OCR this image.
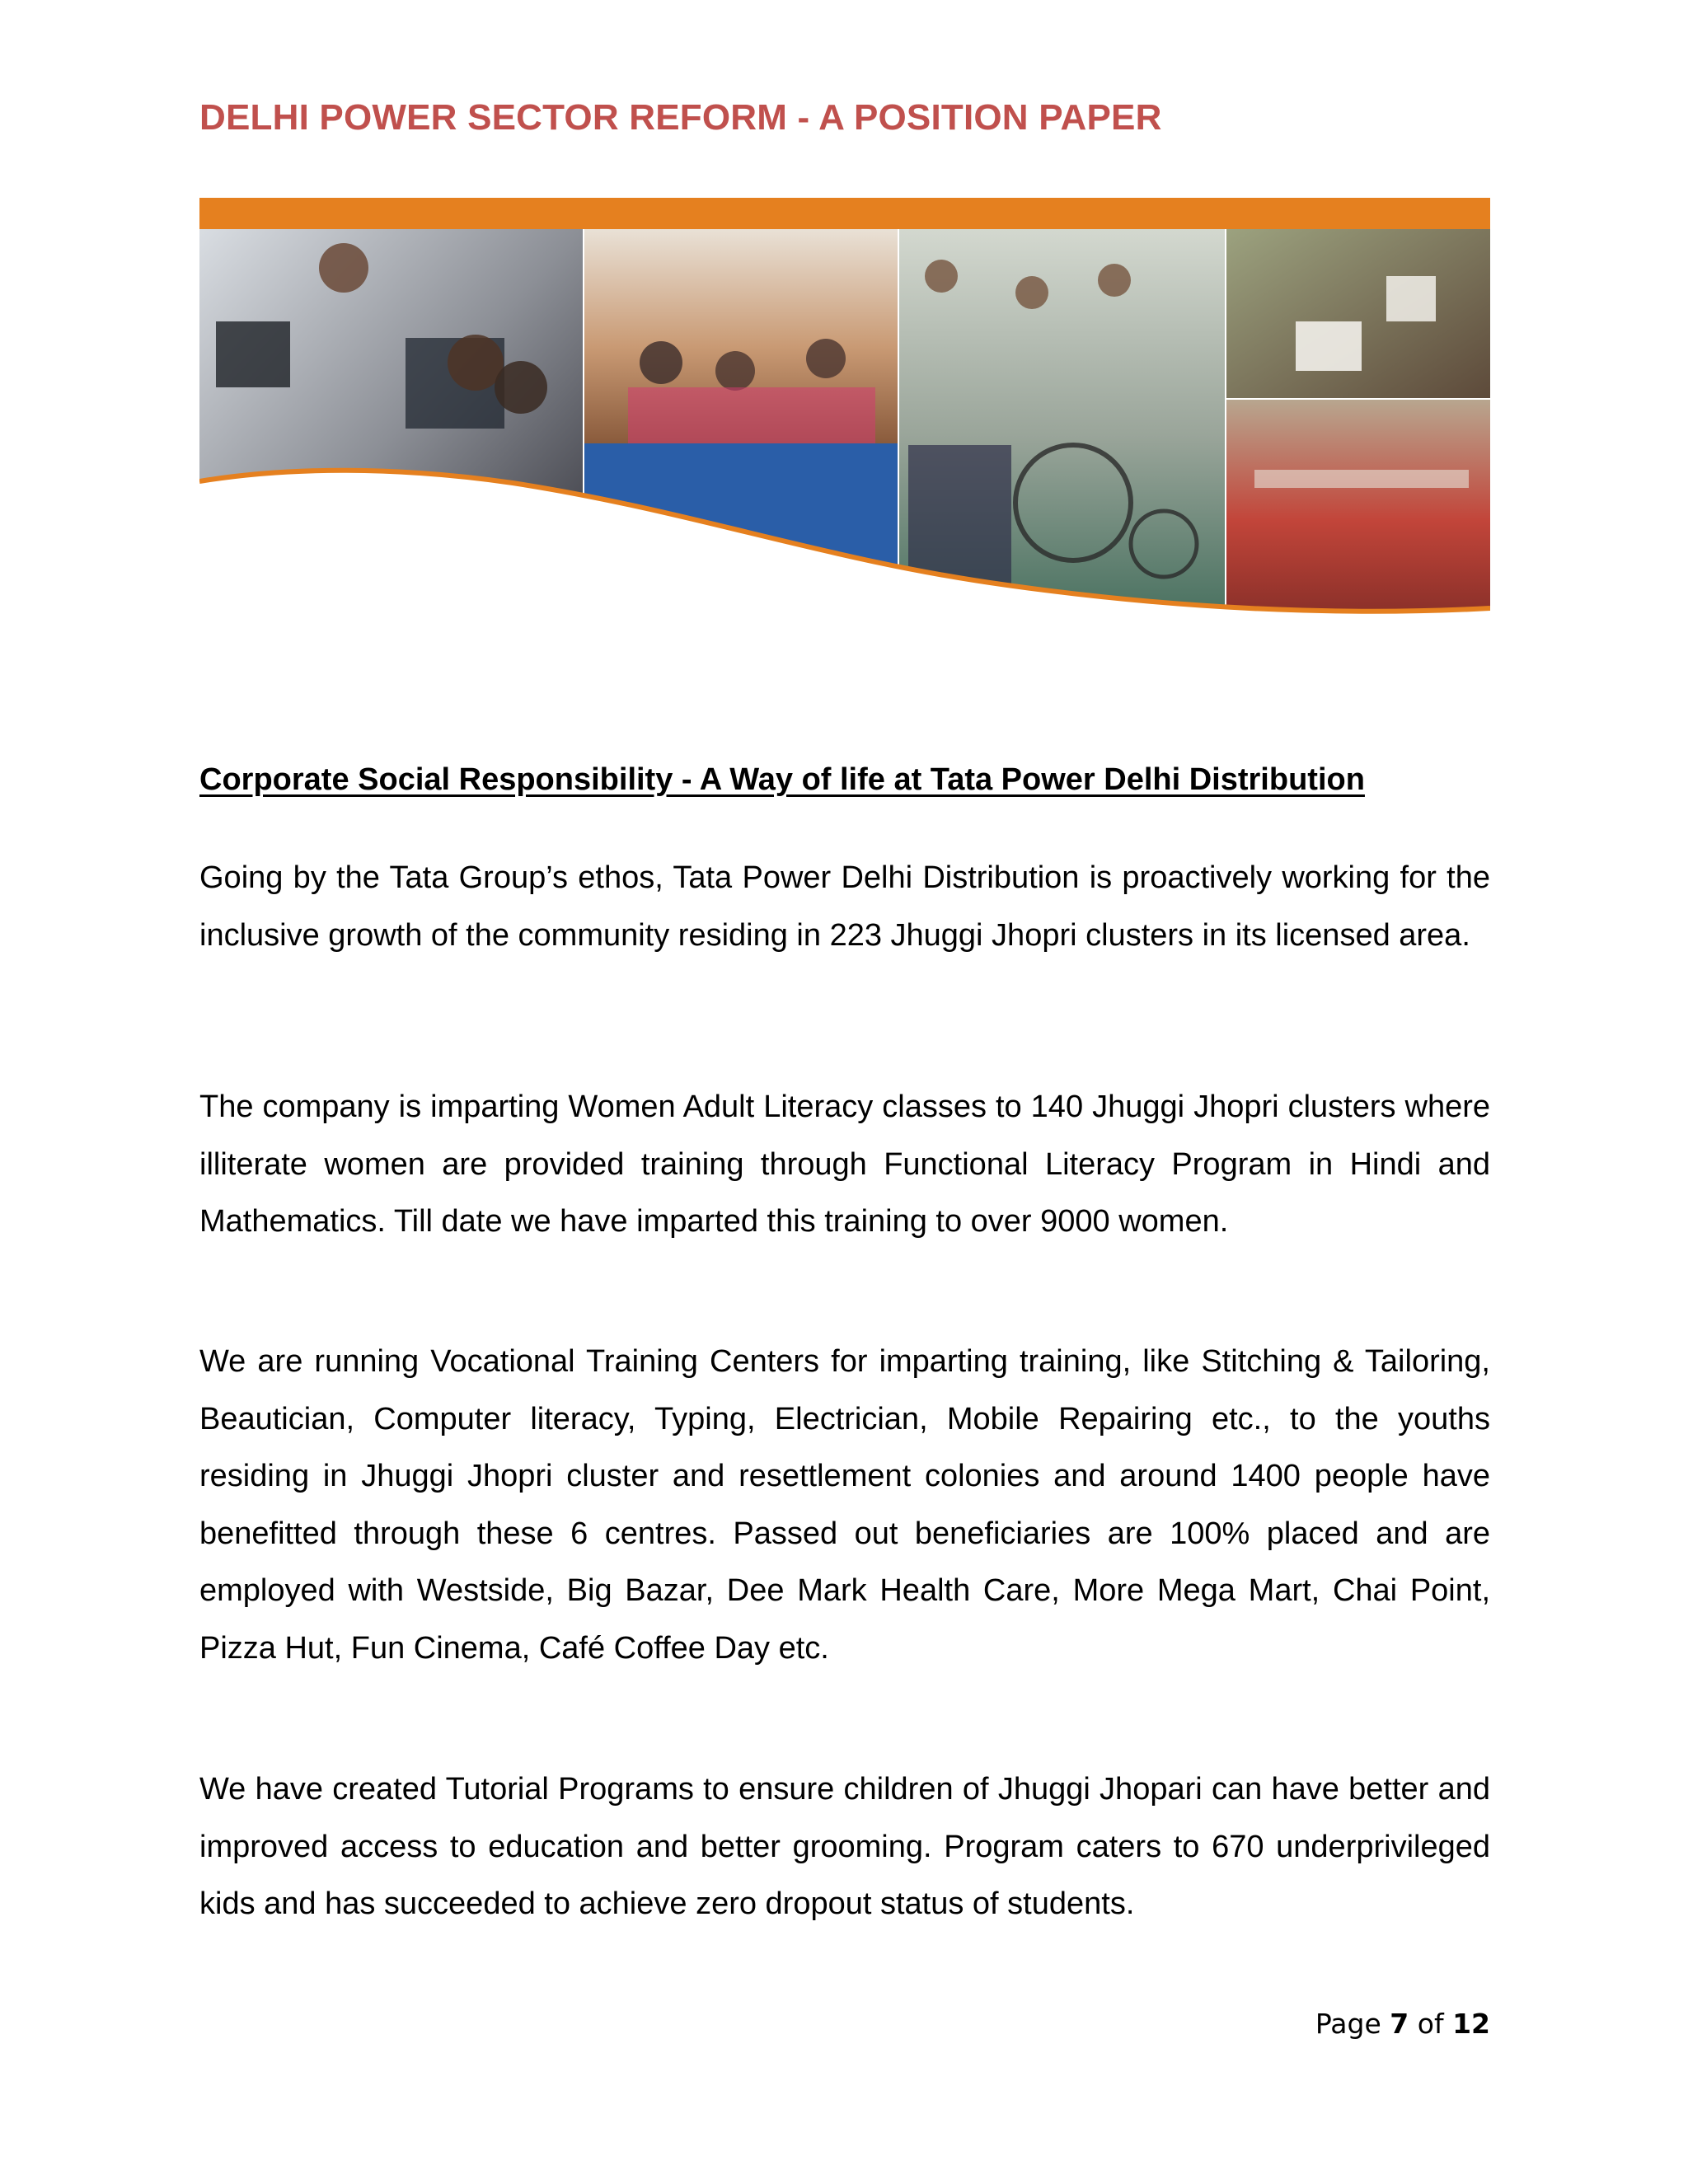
DELHI POWER SECTOR REFORM - A POSITION PAPER
Corporate Social Responsibility - A Way of life at Tata Power Delhi Distribution

Going by the Tata Group’s ethos, Tata Power Delhi Distribution is proactively working for the inclusive growth of the community residing in 223 Jhuggi Jhopri clusters in its licensed area.

The company is imparting Women Adult Literacy classes to 140 Jhuggi Jhopri clusters where illiterate women are provided training through Functional Literacy Program in Hindi and Mathematics. Till date we have imparted this training to over 9000 women.

We are running Vocational Training Centers for imparting training, like Stitching & Tailoring, Beautician, Computer literacy, Typing, Electrician, Mobile Repairing etc., to the youths residing in Jhuggi Jhopri cluster and resettlement colonies and around 1400 people have benefitted through these 6 centres. Passed out beneficiaries are 100% placed and are employed with Westside, Big Bazar, Dee Mark Health Care, More Mega Mart, Chai Point, Pizza Hut, Fun Cinema, Café Coffee Day etc.

We have created Tutorial Programs to ensure children of Jhuggi Jhopari can have better and improved access to education and better grooming. Program caters to 670 underprivileged kids and has succeeded to achieve zero dropout status of students.

Page 7 of 12
